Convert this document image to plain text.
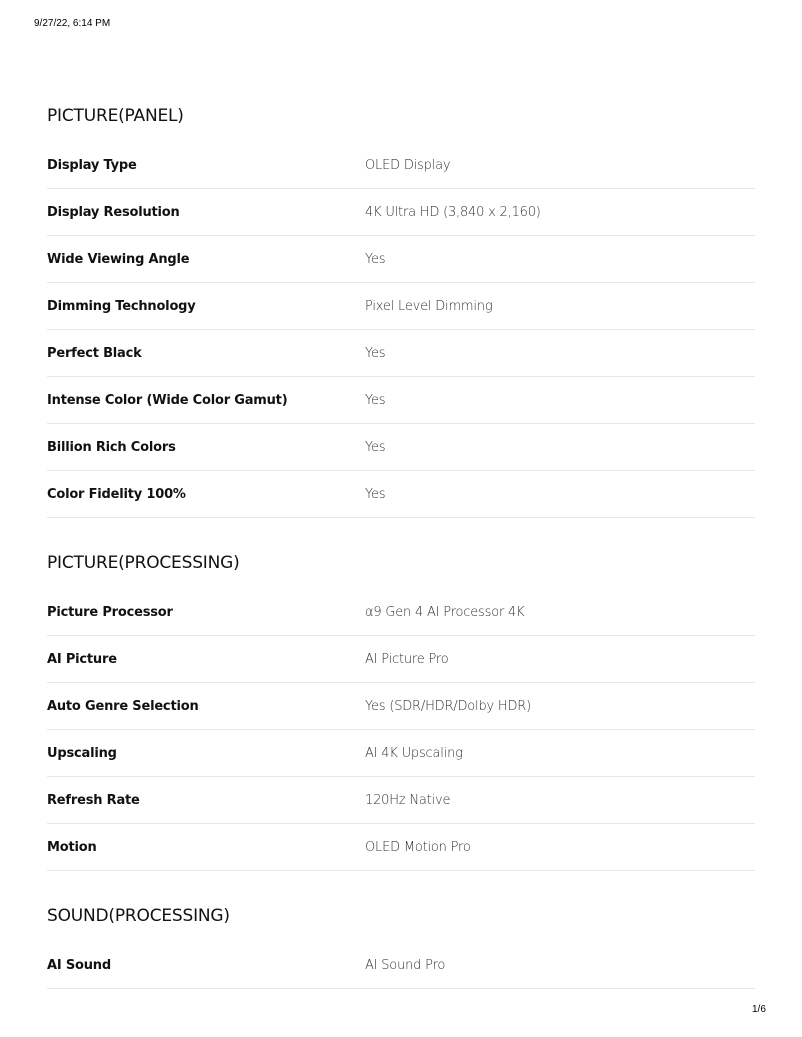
9/27/22, 6:14 PM
PICTURE(PANEL)
Display Type	OLED Display
Display Resolution	4K Ultra HD (3,840 x 2,160)
Wide Viewing Angle	Yes
Dimming Technology	Pixel Level Dimming
Perfect Black	Yes
Intense Color (Wide Color Gamut)	Yes
Billion Rich Colors	Yes
Color Fidelity 100%	Yes
PICTURE(PROCESSING)
Picture Processor	α9 Gen 4 AI Processor 4K
AI Picture	AI Picture Pro
Auto Genre Selection	Yes (SDR/HDR/Dolby HDR)
Upscaling	AI 4K Upscaling
Refresh Rate	120Hz Native
Motion	OLED Motion Pro
SOUND(PROCESSING)
AI Sound	AI Sound Pro
1/6
